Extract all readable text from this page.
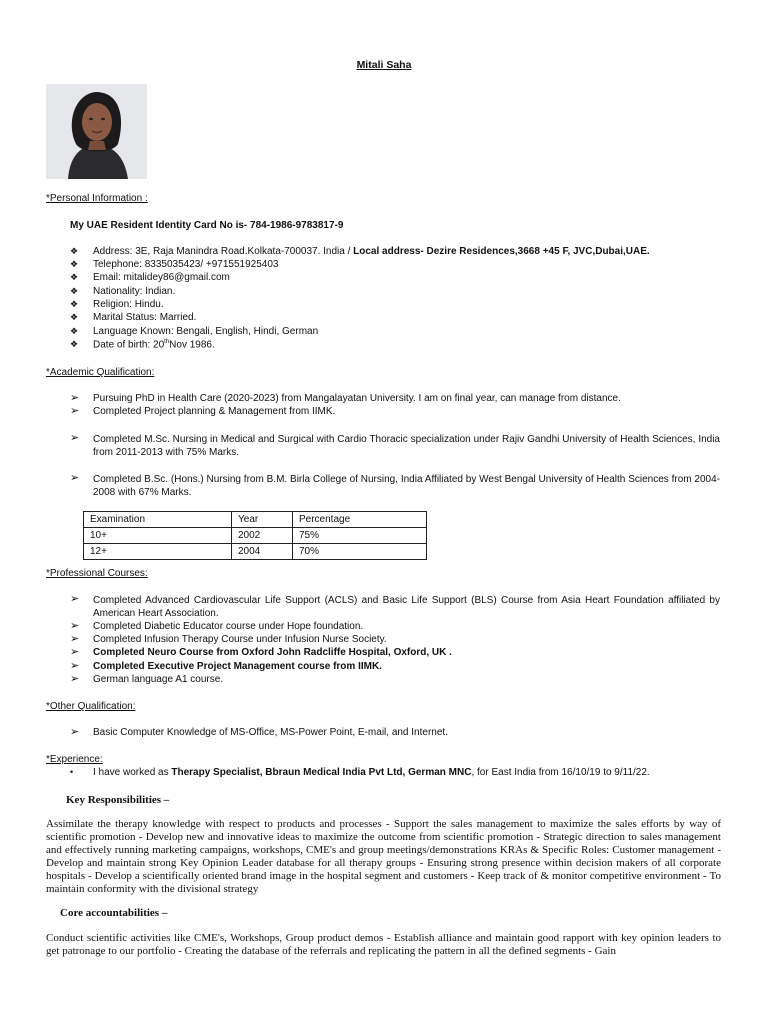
Mitali Saha
*Personal Information :
My UAE Resident Identity Card No is- 784-1986-9783817-9
❖ Address: 3E, Raja Manindra Road.Kolkata-700037. India / Local address- Dezire Residences,3668 +45 F, JVC,Dubai,UAE.
❖ Telephone: 8335035423/ +971551925403
❖ Email: mitalidey86@gmail.com
❖ Nationality: Indian.
❖ Religion: Hindu.
❖ Marital Status: Married.
❖ Language Known: Bengali, English, Hindi, German
❖ Date of birth: 20thNov 1986.
*Academic Qualification:
➢ Pursuing PhD in Health Care (2020-2023) from Mangalayatan University. I am on final year, can manage from distance.
➢ Completed Project planning & Management from IIMK.
➢ Completed M.Sc. Nursing in Medical and Surgical with Cardio Thoracic specialization under Rajiv Gandhi University of Health Sciences, India from 2011-2013 with 75% Marks.
➢ Completed B.Sc. (Hons.) Nursing from B.M. Birla College of Nursing, India Affiliated by West Bengal University of Health Sciences from 2004-2008 with 67% Marks.
Examination	Year	Percentage
10+	2002	75%
12+	2004	70%
*Professional Courses:
➢ Completed Advanced Cardiovascular Life Support (ACLS) and Basic Life Support (BLS) Course from Asia Heart Foundation affiliated by American Heart Association.
➢ Completed Diabetic Educator course under Hope foundation.
➢ Completed Infusion Therapy Course under Infusion Nurse Society.
➢ Completed Neuro Course from Oxford John Radcliffe Hospital, Oxford, UK .
➢ Completed Executive Project Management course from IIMK.
➢ German language A1 course.
*Other Qualification:
➢ Basic Computer Knowledge of MS-Office, MS-Power Point, E-mail, and Internet.
*Experience:
• I have worked as Therapy Specialist, Bbraun Medical India Pvt Ltd, German MNC, for East India from 16/10/19 to 9/11/22.
Key Responsibilities –
Assimilate the therapy knowledge with respect to products and processes - Support the sales management to maximize the sales efforts by way of scientific promotion - Develop new and innovative ideas to maximize the outcome from scientific promotion - Strategic direction to sales management and effectively running marketing campaigns, workshops, CME's and group meetings/demonstrations KRAs & Specific Roles: Customer management - Develop and maintain strong Key Opinion Leader database for all therapy groups - Ensuring strong presence within decision makers of all corporate hospitals - Develop a scientifically oriented brand image in the hospital segment and customers - Keep track of & monitor competitive environment - To maintain conformity with the divisional strategy
Core accountabilities –
Conduct scientific activities like CME's, Workshops, Group product demos - Establish alliance and maintain good rapport with key opinion leaders to get patronage to our portfolio - Creating the database of the referrals and replicating the pattern in all the defined segments - Gain
